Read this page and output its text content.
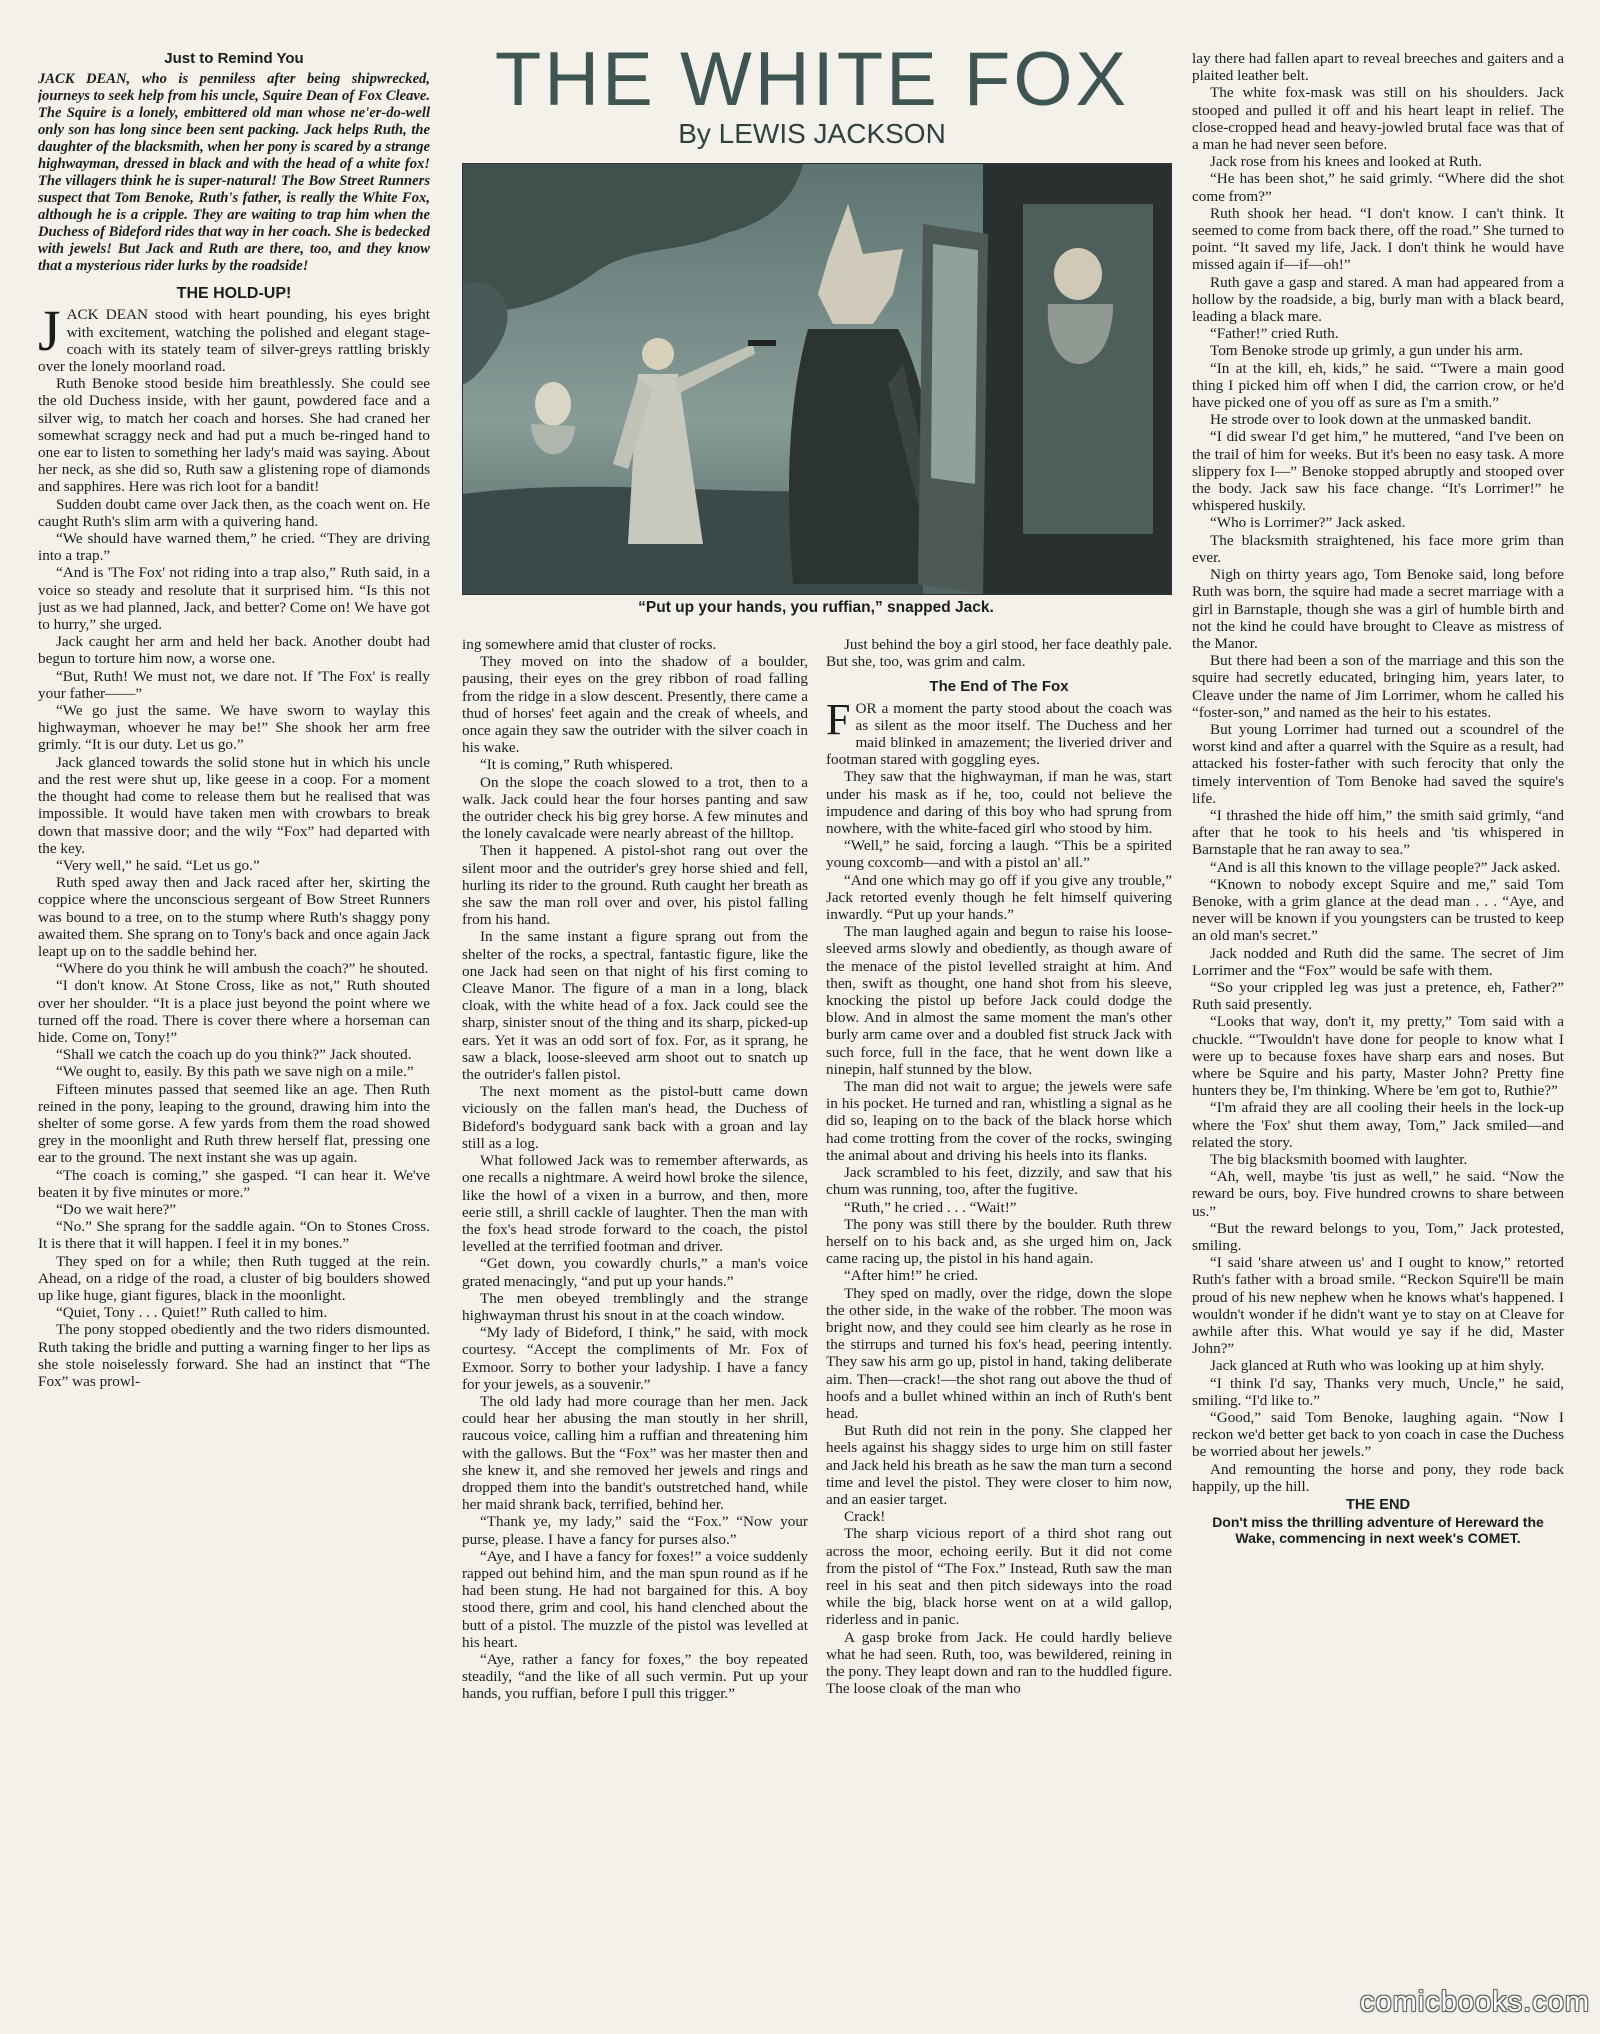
Just to Remind You

JACK DEAN, who is penniless after being shipwrecked, journeys to seek help from his uncle, Squire Dean of Fox Cleave. The Squire is a lonely, embittered old man whose ne'er-do-well only son has long since been sent packing. Jack helps Ruth, the daughter of the blacksmith, when her pony is scared by a strange highwayman, dressed in black and with the head of a white fox! The villagers think he is super-natural! The Bow Street Runners suspect that Tom Benoke, Ruth's father, is really the White Fox, although he is a cripple. They are waiting to trap him when the Duchess of Bideford rides that way in her coach. She is bedecked with jewels! But Jack and Ruth are there, too, and they know that a mysterious rider lurks by the roadside!

THE HOLD-UP!

JACK DEAN stood with heart pounding, his eyes bright with excitement, watching the polished and elegant stage-coach with its stately team of silver-greys rattling briskly over the lonely moorland road.

Ruth Benoke stood beside him breathlessly. She could see the old Duchess inside, with her gaunt, powdered face and a silver wig, to match her coach and horses. She had craned her somewhat scraggy neck and had put a much be-ringed hand to one ear to listen to something her lady's maid was saying. About her neck, as she did so, Ruth saw a glistening rope of diamonds and sapphires. Here was rich loot for a bandit!

Sudden doubt came over Jack then, as the coach went on. He caught Ruth's slim arm with a quivering hand.

“We should have warned them,” he cried. “They are driving into a trap.”

“And is 'The Fox' not riding into a trap also,” Ruth said, in a voice so steady and resolute that it surprised him. “Is this not just as we had planned, Jack, and better? Come on! We have got to hurry,” she urged.

Jack caught her arm and held her back. Another doubt had begun to torture him now, a worse one.

“But, Ruth! We must not, we dare not. If 'The Fox' is really your father——”

“We go just the same. We have sworn to waylay this highwayman, whoever he may be!” She shook her arm free grimly. “It is our duty. Let us go.”

Jack glanced towards the solid stone hut in which his uncle and the rest were shut up, like geese in a coop. For a moment the thought had come to release them but he realised that was impossible. It would have taken men with crowbars to break down that massive door; and the wily “Fox” had departed with the key.

“Very well,” he said. “Let us go.”

Ruth sped away then and Jack raced after her, skirting the coppice where the unconscious sergeant of Bow Street Runners was bound to a tree, on to the stump where Ruth's shaggy pony awaited them. She sprang on to Tony's back and once again Jack leapt up on to the saddle behind her.

“Where do you think he will ambush the coach?” he shouted.

“I don't know. At Stone Cross, like as not,” Ruth shouted over her shoulder. “It is a place just beyond the point where we turned off the road. There is cover there where a horseman can hide. Come on, Tony!”

“Shall we catch the coach up do you think?” Jack shouted.

“We ought to, easily. By this path we save nigh on a mile.”

Fifteen minutes passed that seemed like an age. Then Ruth reined in the pony, leaping to the ground, drawing him into the shelter of some gorse. A few yards from them the road showed grey in the moonlight and Ruth threw herself flat, pressing one ear to the ground. The next instant she was up again.

“The coach is coming,” she gasped. “I can hear it. We've beaten it by five minutes or more.”

“Do we wait here?”

“No.” She sprang for the saddle again. “On to Stones Cross. It is there that it will happen. I feel it in my bones.”

They sped on for a while; then Ruth tugged at the rein. Ahead, on a ridge of the road, a cluster of big boulders showed up like huge, giant figures, black in the moonlight.

“Quiet, Tony . . . Quiet!” Ruth called to him.

The pony stopped obediently and the two riders dismounted. Ruth taking the bridle and putting a warning finger to her lips as she stole noiselessly forward. She had an instinct that “The Fox” was prowl-

THE WHITE FOX
By LEWIS JACKSON
“Put up your hands, you ruffian,” snapped Jack.

ing somewhere amid that cluster of rocks.

They moved on into the shadow of a boulder, pausing, their eyes on the grey ribbon of road falling from the ridge in a slow descent. Presently, there came a thud of horses' feet again and the creak of wheels, and once again they saw the outrider with the silver coach in his wake.

“It is coming,” Ruth whispered.

On the slope the coach slowed to a trot, then to a walk. Jack could hear the four horses panting and saw the outrider check his big grey horse. A few minutes and the lonely cavalcade were nearly abreast of the hilltop.

Then it happened. A pistol-shot rang out over the silent moor and the outrider's grey horse shied and fell, hurling its rider to the ground. Ruth caught her breath as she saw the man roll over and over, his pistol falling from his hand.

In the same instant a figure sprang out from the shelter of the rocks, a spectral, fantastic figure, like the one Jack had seen on that night of his first coming to Cleave Manor. The figure of a man in a long, black cloak, with the white head of a fox. Jack could see the sharp, sinister snout of the thing and its sharp, picked-up ears. Yet it was an odd sort of fox. For, as it sprang, he saw a black, loose-sleeved arm shoot out to snatch up the outrider's fallen pistol.

The next moment as the pistol-butt came down viciously on the fallen man's head, the Duchess of Bideford's bodyguard sank back with a groan and lay still as a log.

What followed Jack was to remember afterwards, as one recalls a nightmare. A weird howl broke the silence, like the howl of a vixen in a burrow, and then, more eerie still, a shrill cackle of laughter. Then the man with the fox's head strode forward to the coach, the pistol levelled at the terrified footman and driver.

“Get down, you cowardly churls,” a man's voice grated menacingly, “and put up your hands.”

The men obeyed tremblingly and the strange highwayman thrust his snout in at the coach window.

“My lady of Bideford, I think,” he said, with mock courtesy. “Accept the compliments of Mr. Fox of Exmoor. Sorry to bother your ladyship. I have a fancy for your jewels, as a souvenir.”

The old lady had more courage than her men. Jack could hear her abusing the man stoutly in her shrill, raucous voice, calling him a ruffian and threatening him with the gallows. But the “Fox” was her master then and she knew it, and she removed her jewels and rings and dropped them into the bandit's outstretched hand, while her maid shrank back, terrified, behind her.

“Thank ye, my lady,” said the “Fox.” “Now your purse, please. I have a fancy for purses also.”

“Aye, and I have a fancy for foxes!” a voice suddenly rapped out behind him, and the man spun round as if he had been stung. He had not bargained for this. A boy stood there, grim and cool, his hand clenched about the butt of a pistol. The muzzle of the pistol was levelled at his heart.

“Aye, rather a fancy for foxes,” the boy repeated steadily, “and the like of all such vermin. Put up your hands, you ruffian, before I pull this trigger.”

Just behind the boy a girl stood, her face deathly pale. But she, too, was grim and calm.

The End of The Fox

FOR a moment the party stood about the coach was as silent as the moor itself. The Duchess and her maid blinked in amazement; the liveried driver and footman stared with goggling eyes.

They saw that the highwayman, if man he was, start under his mask as if he, too, could not believe the impudence and daring of this boy who had sprung from nowhere, with the white-faced girl who stood by him.

“Well,” he said, forcing a laugh. “This be a spirited young coxcomb—and with a pistol an' all.”

“And one which may go off if you give any trouble,” Jack retorted evenly though he felt himself quivering inwardly. “Put up your hands.”

The man laughed again and begun to raise his loose-sleeved arms slowly and obediently, as though aware of the menace of the pistol levelled straight at him. And then, swift as thought, one hand shot from his sleeve, knocking the pistol up before Jack could dodge the blow. And in almost the same moment the man's other burly arm came over and a doubled fist struck Jack with such force, full in the face, that he went down like a ninepin, half stunned by the blow.

The man did not wait to argue; the jewels were safe in his pocket. He turned and ran, whistling a signal as he did so, leaping on to the back of the black horse which had come trotting from the cover of the rocks, swinging the animal about and driving his heels into its flanks.

Jack scrambled to his feet, dizzily, and saw that his chum was running, too, after the fugitive.

“Ruth,” he cried . . . “Wait!”

The pony was still there by the boulder. Ruth threw herself on to his back and, as she urged him on, Jack came racing up, the pistol in his hand again.

“After him!” he cried.

They sped on madly, over the ridge, down the slope the other side, in the wake of the robber. The moon was bright now, and they could see him clearly as he rose in the stirrups and turned his fox's head, peering intently. They saw his arm go up, pistol in hand, taking deliberate aim. Then—crack!—the shot rang out above the thud of hoofs and a bullet whined within an inch of Ruth's bent head.

But Ruth did not rein in the pony. She clapped her heels against his shaggy sides to urge him on still faster and Jack held his breath as he saw the man turn a second time and level the pistol. They were closer to him now, and an easier target.

Crack!

The sharp vicious report of a third shot rang out across the moor, echoing eerily. But it did not come from the pistol of “The Fox.” Instead, Ruth saw the man reel in his seat and then pitch sideways into the road while the big, black horse went on at a wild gallop, riderless and in panic.

A gasp broke from Jack. He could hardly believe what he had seen. Ruth, too, was bewildered, reining in the pony. They leapt down and ran to the huddled figure. The loose cloak of the man who

lay there had fallen apart to reveal breeches and gaiters and a plaited leather belt.

The white fox-mask was still on his shoulders. Jack stooped and pulled it off and his heart leapt in relief. The close-cropped head and heavy-jowled brutal face was that of a man he had never seen before.

Jack rose from his knees and looked at Ruth.

“He has been shot,” he said grimly. “Where did the shot come from?”

Ruth shook her head. “I don't know. I can't think. It seemed to come from back there, off the road.” She turned to point. “It saved my life, Jack. I don't think he would have missed again if—if—oh!”

Ruth gave a gasp and stared. A man had appeared from a hollow by the roadside, a big, burly man with a black beard, leading a black mare.

“Father!” cried Ruth.

Tom Benoke strode up grimly, a gun under his arm.

“In at the kill, eh, kids,” he said. “'Twere a main good thing I picked him off when I did, the carrion crow, or he'd have picked one of you off as sure as I'm a smith.”

He strode over to look down at the unmasked bandit.

“I did swear I'd get him,” he muttered, “and I've been on the trail of him for weeks. But it's been no easy task. A more slippery fox I—” Benoke stopped abruptly and stooped over the body. Jack saw his face change. “It's Lorrimer!” he whispered huskily.

“Who is Lorrimer?” Jack asked.

The blacksmith straightened, his face more grim than ever.

Nigh on thirty years ago, Tom Benoke said, long before Ruth was born, the squire had made a secret marriage with a girl in Barnstaple, though she was a girl of humble birth and not the kind he could have brought to Cleave as mistress of the Manor.

But there had been a son of the marriage and this son the squire had secretly educated, bringing him, years later, to Cleave under the name of Jim Lorrimer, whom he called his “foster-son,” and named as the heir to his estates.

But young Lorrimer had turned out a scoundrel of the worst kind and after a quarrel with the Squire as a result, had attacked his foster-father with such ferocity that only the timely intervention of Tom Benoke had saved the squire's life.

“I thrashed the hide off him,” the smith said grimly, “and after that he took to his heels and 'tis whispered in Barnstaple that he ran away to sea.”

“And is all this known to the village people?” Jack asked.

“Known to nobody except Squire and me,” said Tom Benoke, with a grim glance at the dead man . . . “Aye, and never will be known if you youngsters can be trusted to keep an old man's secret.”

Jack nodded and Ruth did the same. The secret of Jim Lorrimer and the “Fox” would be safe with them.

“So your crippled leg was just a pretence, eh, Father?” Ruth said presently.

“Looks that way, don't it, my pretty,” Tom said with a chuckle. “'Twouldn't have done for people to know what I were up to because foxes have sharp ears and noses. But where be Squire and his party, Master John? Pretty fine hunters they be, I'm thinking. Where be 'em got to, Ruthie?”

“I'm afraid they are all cooling their heels in the lock-up where the 'Fox' shut them away, Tom,” Jack smiled—and related the story.

The big blacksmith boomed with laughter.

“Ah, well, maybe 'tis just as well,” he said. “Now the reward be ours, boy. Five hundred crowns to share between us.”

“But the reward belongs to you, Tom,” Jack protested, smiling.

“I said 'share atween us' and I ought to know,” retorted Ruth's father with a broad smile. “Reckon Squire'll be main proud of his new nephew when he knows what's happened. I wouldn't wonder if he didn't want ye to stay on at Cleave for awhile after this. What would ye say if he did, Master John?”

Jack glanced at Ruth who was looking up at him shyly.

“I think I'd say, Thanks very much, Uncle,” he said, smiling. “I'd like to.”

“Good,” said Tom Benoke, laughing again. “Now I reckon we'd better get back to yon coach in case the Duchess be worried about her jewels.”

And remounting the horse and pony, they rode back happily, up the hill.

THE END
Don't miss the thrilling adventure of Hereward the Wake, commencing in next week's COMET.
comicbooks.com
